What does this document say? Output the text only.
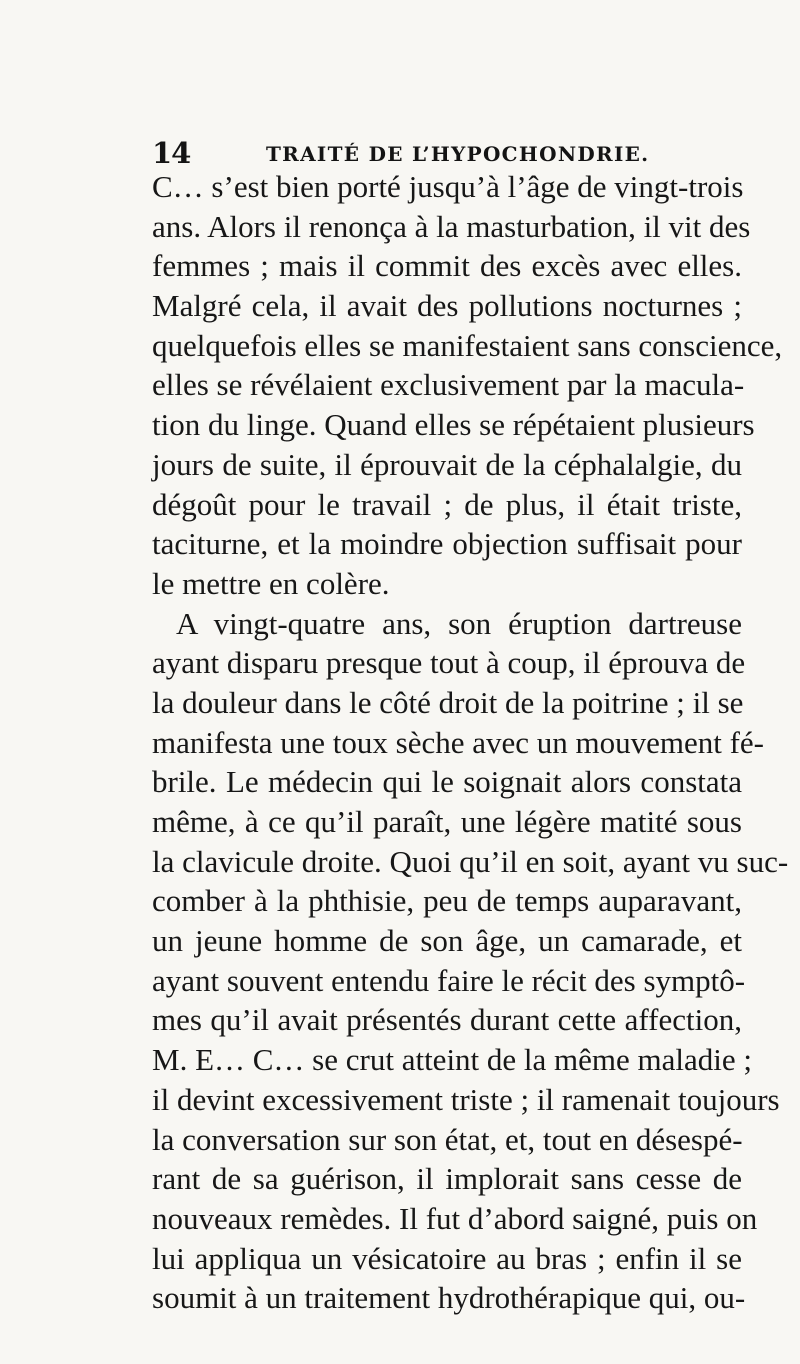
14	TRAITÉ DE L’HYPOCHONDRIE.
C… s’est bien porté jusqu’à l’âge de vingt-trois
ans. Alors il renonça à la masturbation, il vit des
femmes ; mais il commit des excès avec elles.
Malgré cela, il avait des pollutions nocturnes ;
quelquefois elles se manifestaient sans conscience,
elles se révélaient exclusivement par la macula-
tion du linge. Quand elles se répétaient plusieurs
jours de suite, il éprouvait de la céphalalgie, du
dégoût pour le travail ; de plus, il était triste,
taciturne, et la moindre objection suffisait pour
le mettre en colère.
A vingt-quatre ans, son éruption dartreuse
ayant disparu presque tout à coup, il éprouva de
la douleur dans le côté droit de la poitrine ; il se
manifesta une toux sèche avec un mouvement fé-
brile. Le médecin qui le soignait alors constata
même, à ce qu’il paraît, une légère matité sous
la clavicule droite. Quoi qu’il en soit, ayant vu suc-
comber à la phthisie, peu de temps auparavant,
un jeune homme de son âge, un camarade, et
ayant souvent entendu faire le récit des symptô-
mes qu’il avait présentés durant cette affection,
M. E… C… se crut atteint de la même maladie ;
il devint excessivement triste ; il ramenait toujours
la conversation sur son état, et, tout en désespé-
rant de sa guérison, il implorait sans cesse de
nouveaux remèdes. Il fut d’abord saigné, puis on
lui appliqua un vésicatoire au bras ; enfin il se
soumit à un traitement hydrothérapique qui, ou-
